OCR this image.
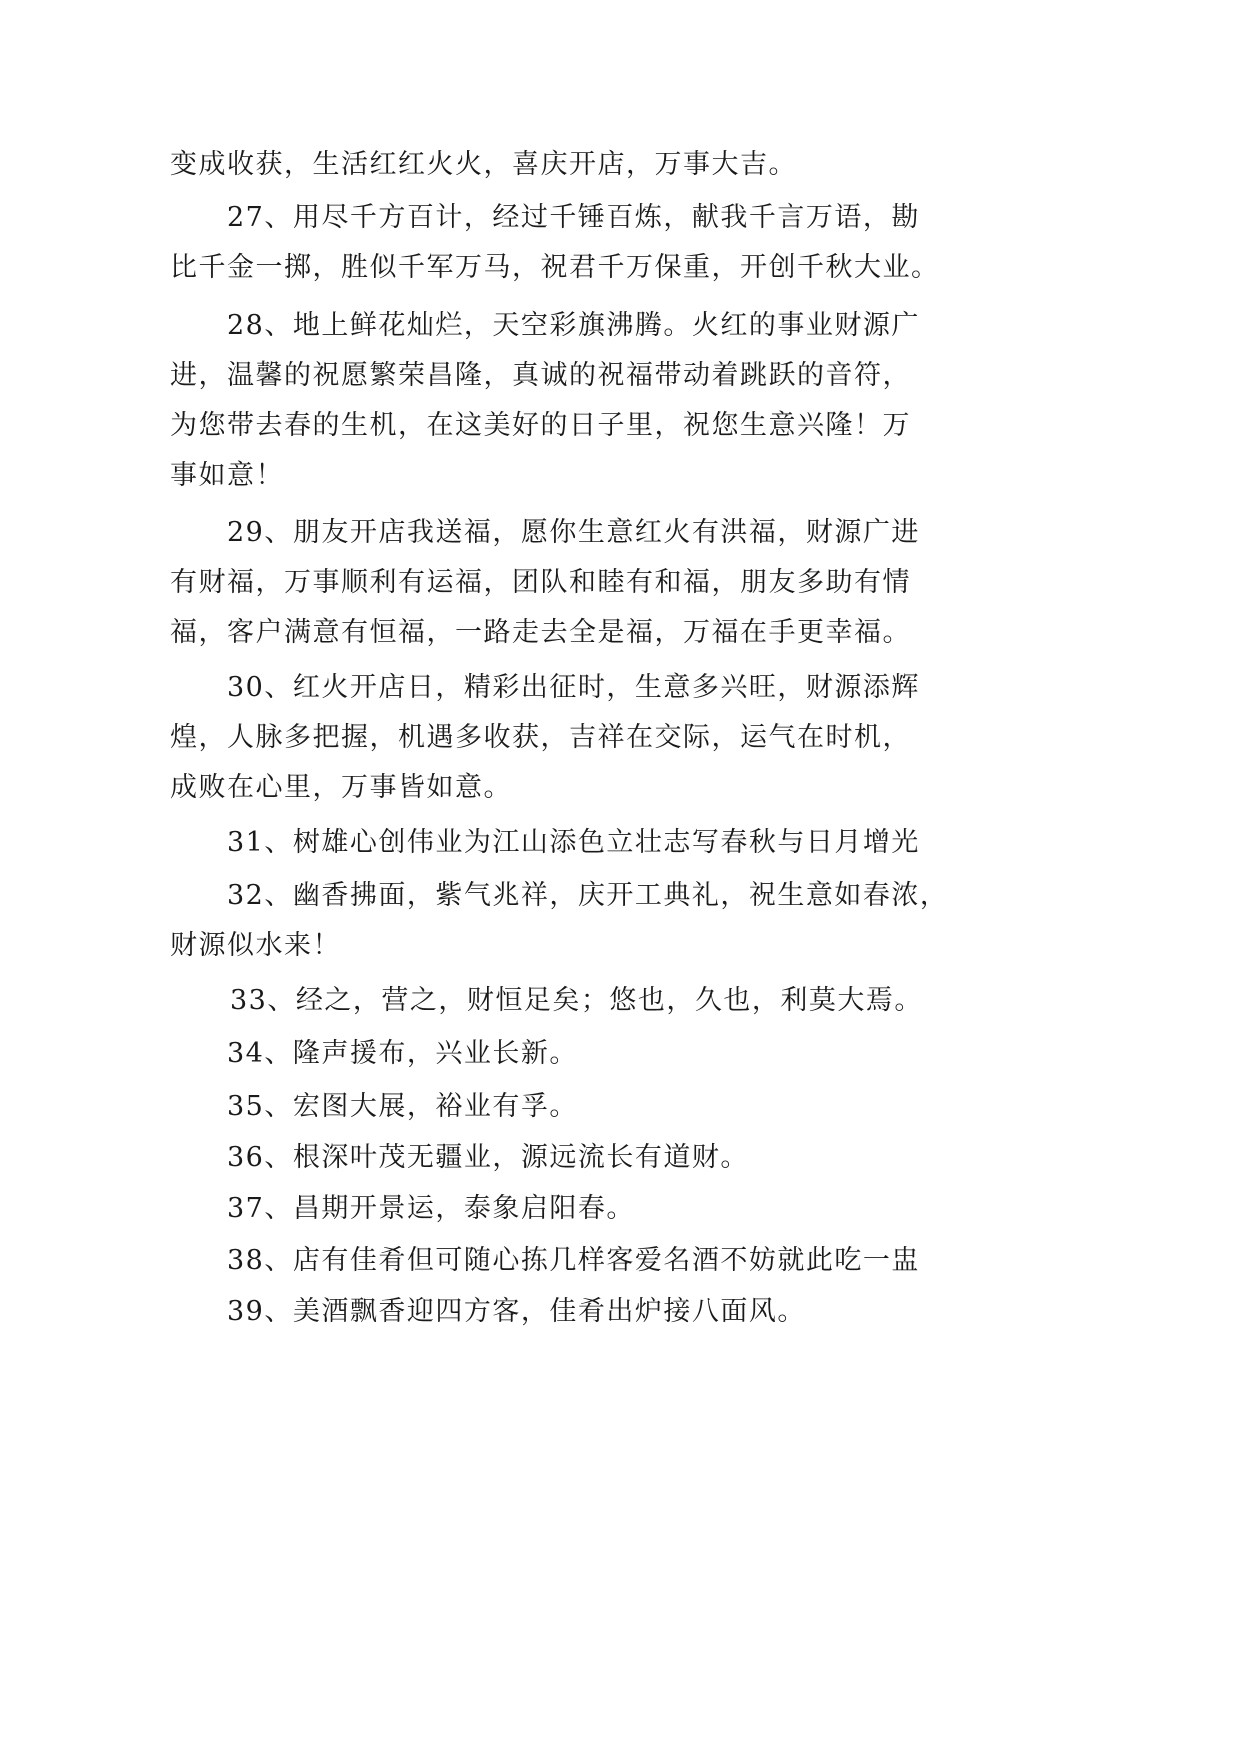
变成收获，生活红红火火，喜庆开店，万事大吉。
27、用尽千方百计，经过千锤百炼，献我千言万语，勘
比千金一掷，胜似千军万马，祝君千万保重，开创千秋大业。
28、地上鲜花灿烂，天空彩旗沸腾。火红的事业财源广
进，温馨的祝愿繁荣昌隆，真诚的祝福带动着跳跃的音符，
为您带去春的生机，在这美好的日子里，祝您生意兴隆！万
事如意！
29、朋友开店我送福，愿你生意红火有洪福，财源广进
有财福，万事顺利有运福，团队和睦有和福，朋友多助有情
福，客户满意有恒福，一路走去全是福，万福在手更幸福。
30、红火开店日，精彩出征时，生意多兴旺，财源添辉
煌，人脉多把握，机遇多收获，吉祥在交际，运气在时机，
成败在心里，万事皆如意。
31、树雄心创伟业为江山添色立壮志写春秋与日月增光
32、幽香拂面，紫气兆祥，庆开工典礼，祝生意如春浓，
财源似水来！
33、经之，营之，财恒足矣；悠也，久也，利莫大焉。
34、隆声援布，兴业长新。
35、宏图大展，裕业有孚。
36、根深叶茂无疆业，源远流长有道财。
37、昌期开景运，泰象启阳春。
38、店有佳肴但可随心拣几样客爱名酒不妨就此吃一盅
39、美酒飘香迎四方客，佳肴出炉接八面风。
